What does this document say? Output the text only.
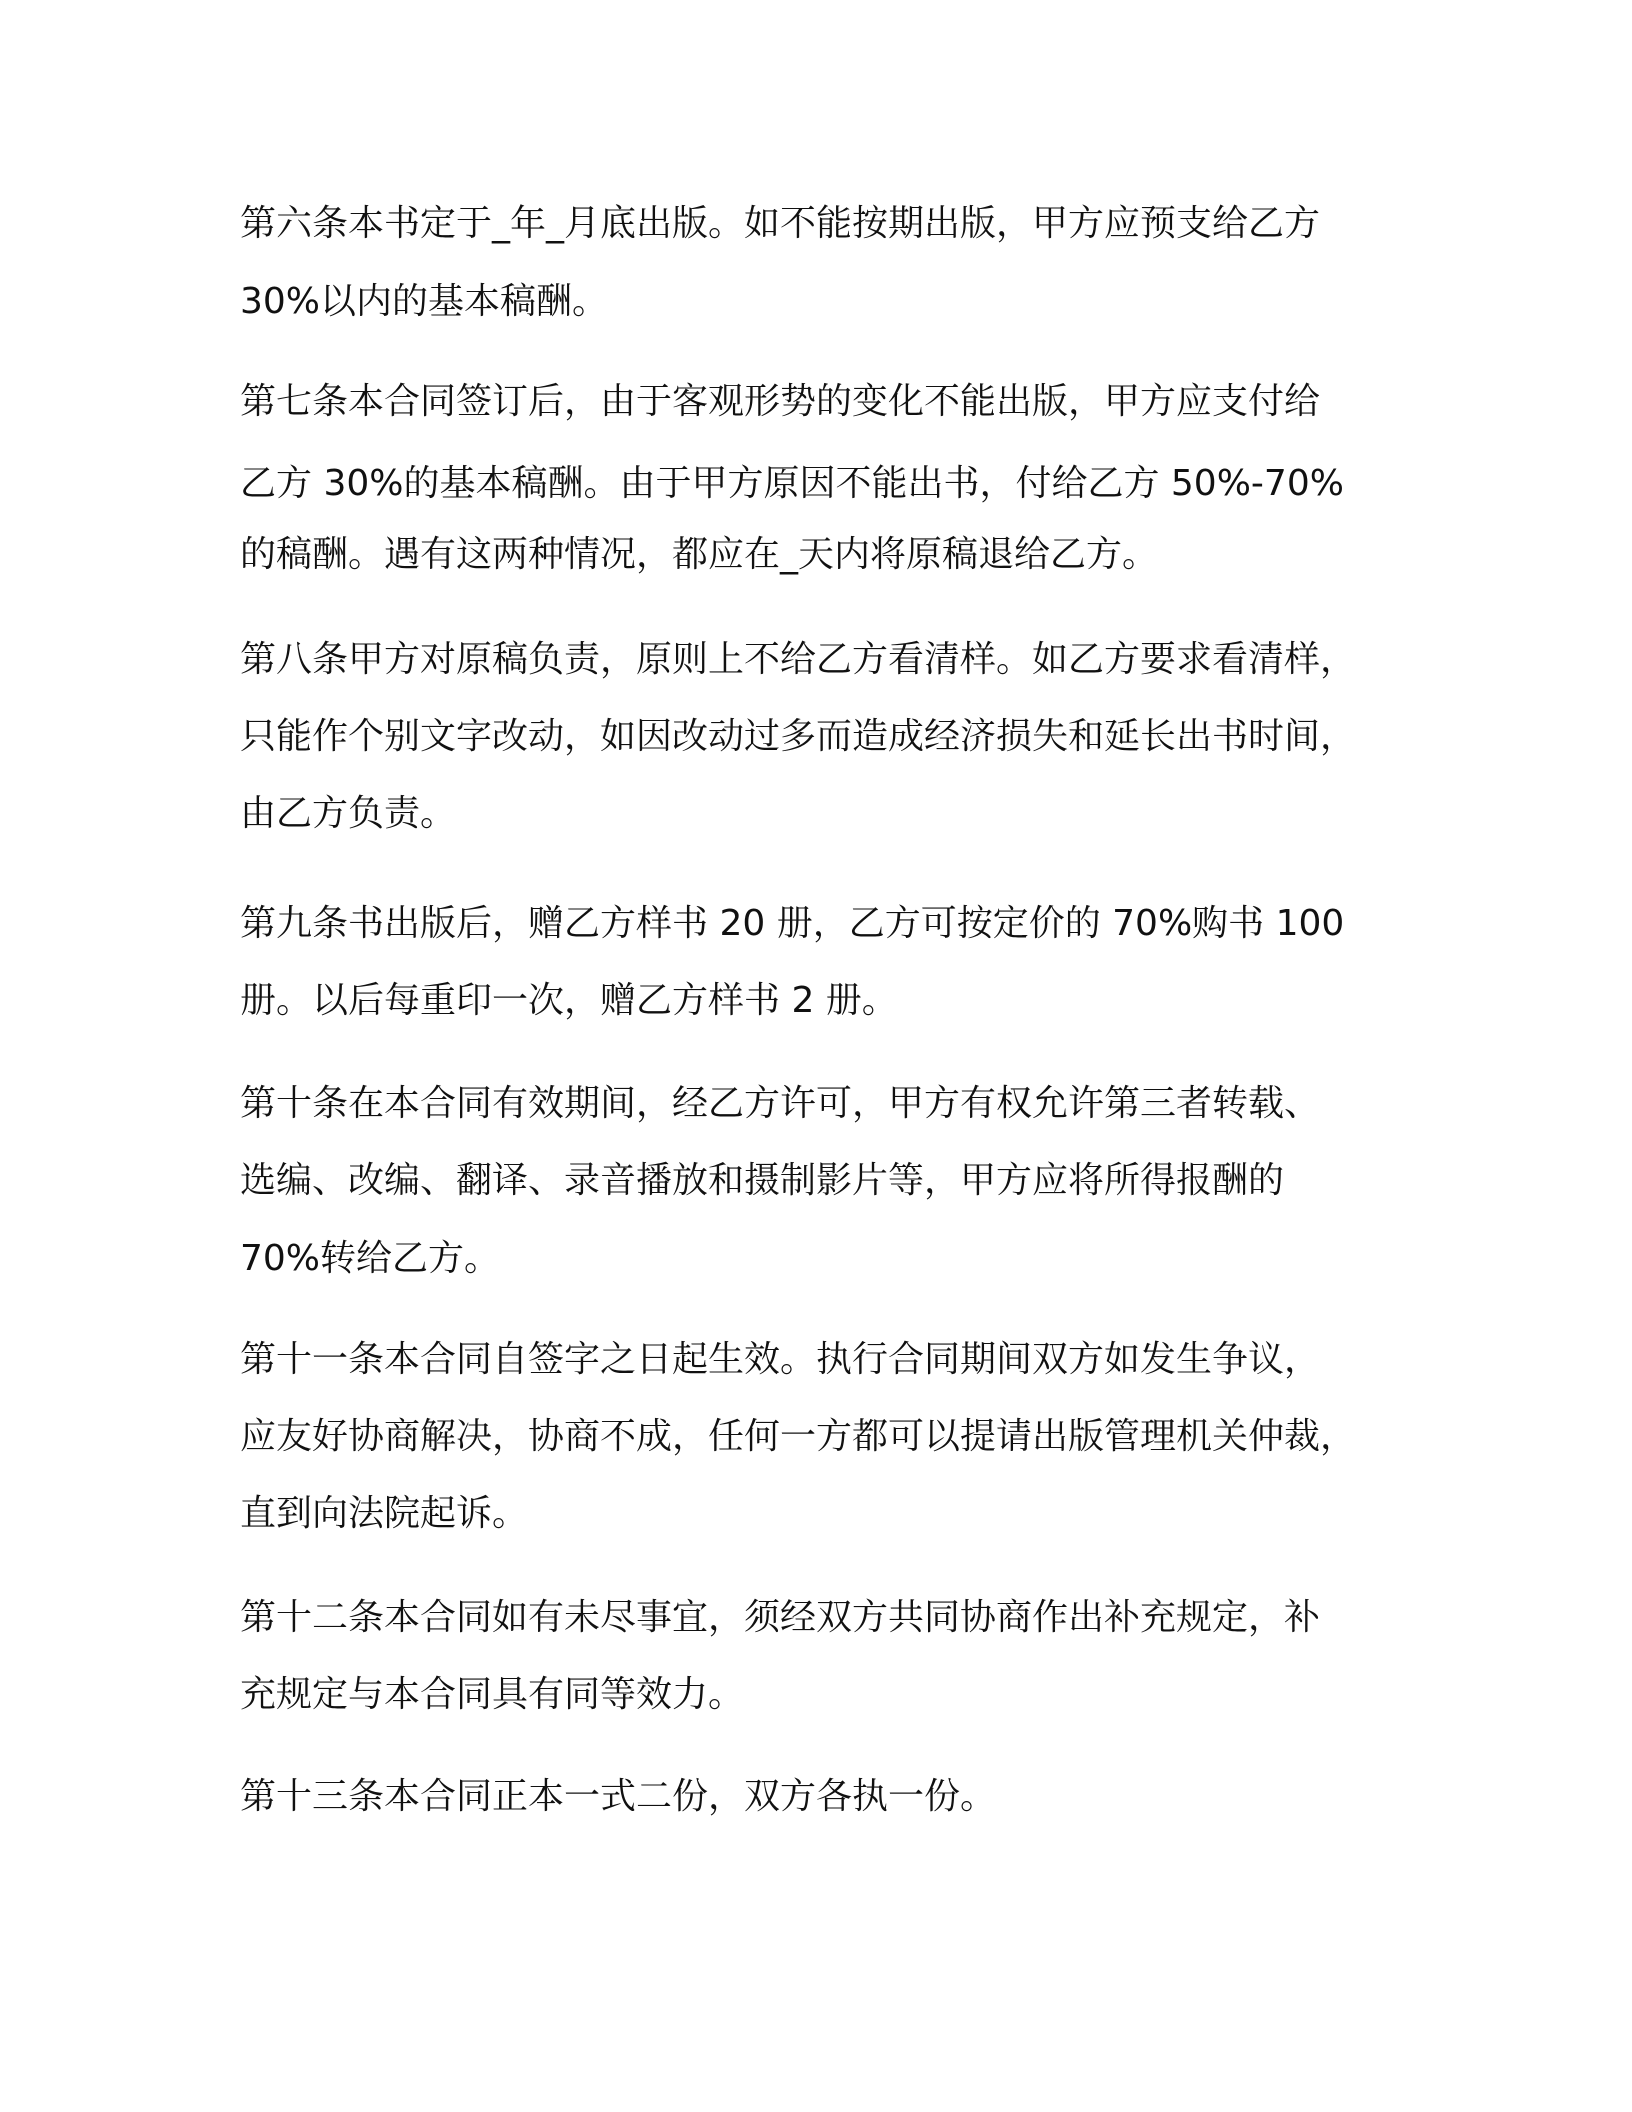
第六条本书定于_年_月底出版。如不能按期出版，甲方应预支给乙方
30%以内的基本稿酬。
第七条本合同签订后，由于客观形势的变化不能出版，甲方应支付给
乙方 30%的基本稿酬。由于甲方原因不能出书，付给乙方 50%-70%
的稿酬。遇有这两种情况，都应在_天内将原稿退给乙方。
第八条甲方对原稿负责，原则上不给乙方看清样。如乙方要求看清样，
只能作个别文字改动，如因改动过多而造成经济损失和延长出书时间，
由乙方负责。
第九条书出版后，赠乙方样书 20 册，乙方可按定价的 70%购书 100
册。以后每重印一次，赠乙方样书 2 册。
第十条在本合同有效期间，经乙方许可，甲方有权允许第三者转载、
选编、改编、翻译、录音播放和摄制影片等，甲方应将所得报酬的
70%转给乙方。
第十一条本合同自签字之日起生效。执行合同期间双方如发生争议，
应友好协商解决，协商不成，任何一方都可以提请出版管理机关仲裁，
直到向法院起诉。
第十二条本合同如有未尽事宜，须经双方共同协商作出补充规定，补
充规定与本合同具有同等效力。
第十三条本合同正本一式二份，双方各执一份。
